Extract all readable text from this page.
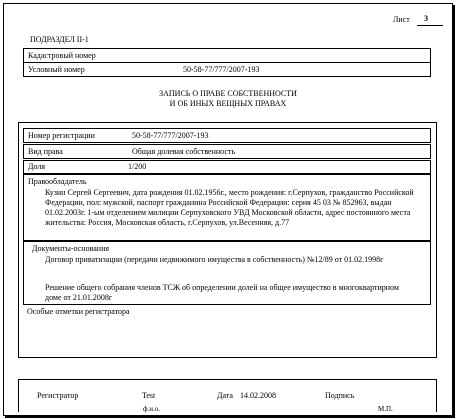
Лист 3
ПОДРАЗДЕЛ II-1
Кадастровый номер
Условный номер	50-58-77/777/2007-193
ЗАПИСЬ О ПРАВЕ СОБСТВЕННОСТИ
И ОБ ИНЫХ ВЕЩНЫХ ПРАВАХ
Номер регистрации	50-58-77/777/2007-193
Вид права	Общая долевая собственность
Доля	1/200
Правообладатель
Кузин Сергей Сергеевич, дата рождения 01.02.1956г., место рождения: г.Серпухов, гражданство Российской Федерации, пол: мужской, паспорт гражданина Российской Федерации: серия 45 03 № 852963, выдан 01.02.2003г. 1-ым отделением милиции Серпуховского УВД Московской области, адрес постоянного места жительства: Россия, Московская область, г.Серпухов, ул.Весенняя, д.77
Документы-основания
Договор приватизации (передачи недвижимого имущества в собственность) №12/89 от 01.02.1998г
Решение общего собрания членов ТСЖ об определении долей на общее имущество в многоквартирном доме от 21.01.2008г
Особые отметки регистратора
Регистратор	Test	Дата 14.02.2008	Подпись
ф.и.о.	М.П.
